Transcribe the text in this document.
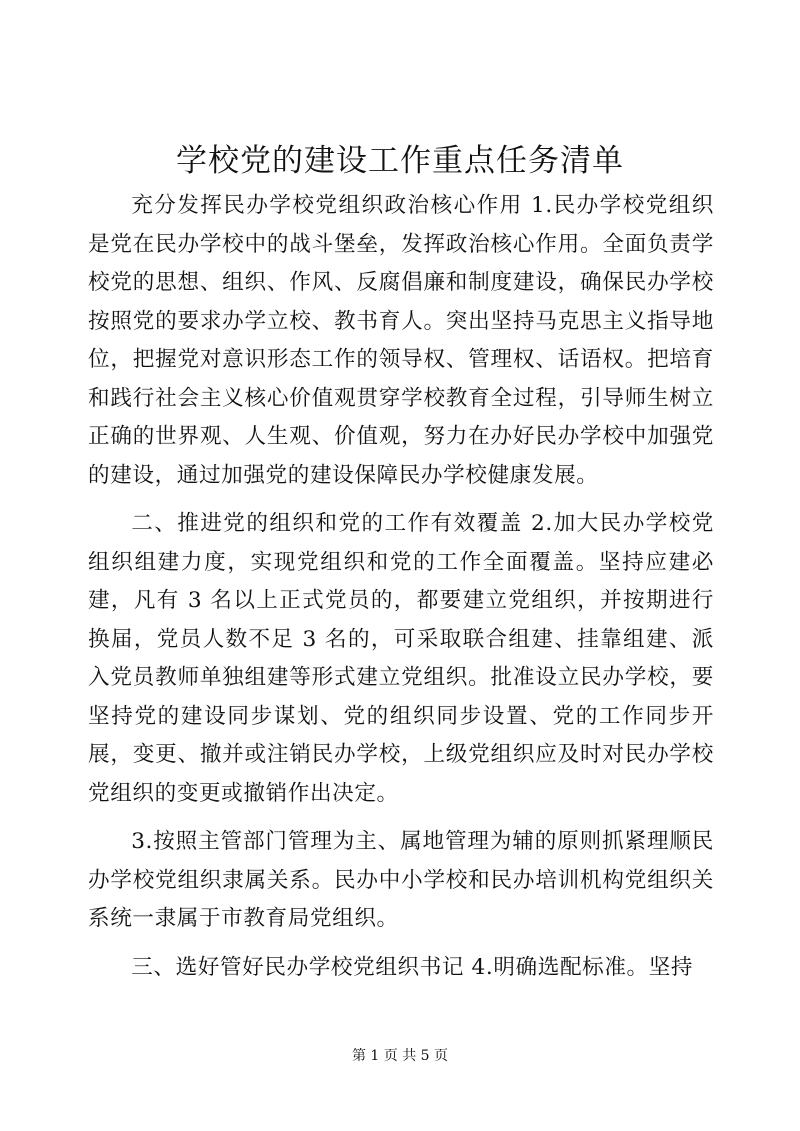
学校党的建设工作重点任务清单

充分发挥民办学校党组织政治核心作用 1.民办学校党组织是党在民办学校中的战斗堡垒，发挥政治核心作用。全面负责学校党的思想、组织、作风、反腐倡廉和制度建设，确保民办学校按照党的要求办学立校、教书育人。突出坚持马克思主义指导地位，把握党对意识形态工作的领导权、管理权、话语权。把培育和践行社会主义核心价值观贯穿学校教育全过程，引导师生树立正确的世界观、人生观、价值观，努力在办好民办学校中加强党的建设，通过加强党的建设保障民办学校健康发展。

二、推进党的组织和党的工作有效覆盖 2.加大民办学校党组织组建力度，实现党组织和党的工作全面覆盖。坚持应建必建，凡有 3 名以上正式党员的，都要建立党组织，并按期进行换届，党员人数不足 3 名的，可采取联合组建、挂靠组建、派入党员教师单独组建等形式建立党组织。批准设立民办学校，要坚持党的建设同步谋划、党的组织同步设置、党的工作同步开展，变更、撤并或注销民办学校，上级党组织应及时对民办学校党组织的变更或撤销作出决定。

3.按照主管部门管理为主、属地管理为辅的原则抓紧理顺民办学校党组织隶属关系。民办中小学校和民办培训机构党组织关系统一隶属于市教育局党组织。

三、选好管好民办学校党组织书记 4.明确选配标准。坚持

第 1 页 共 5 页
